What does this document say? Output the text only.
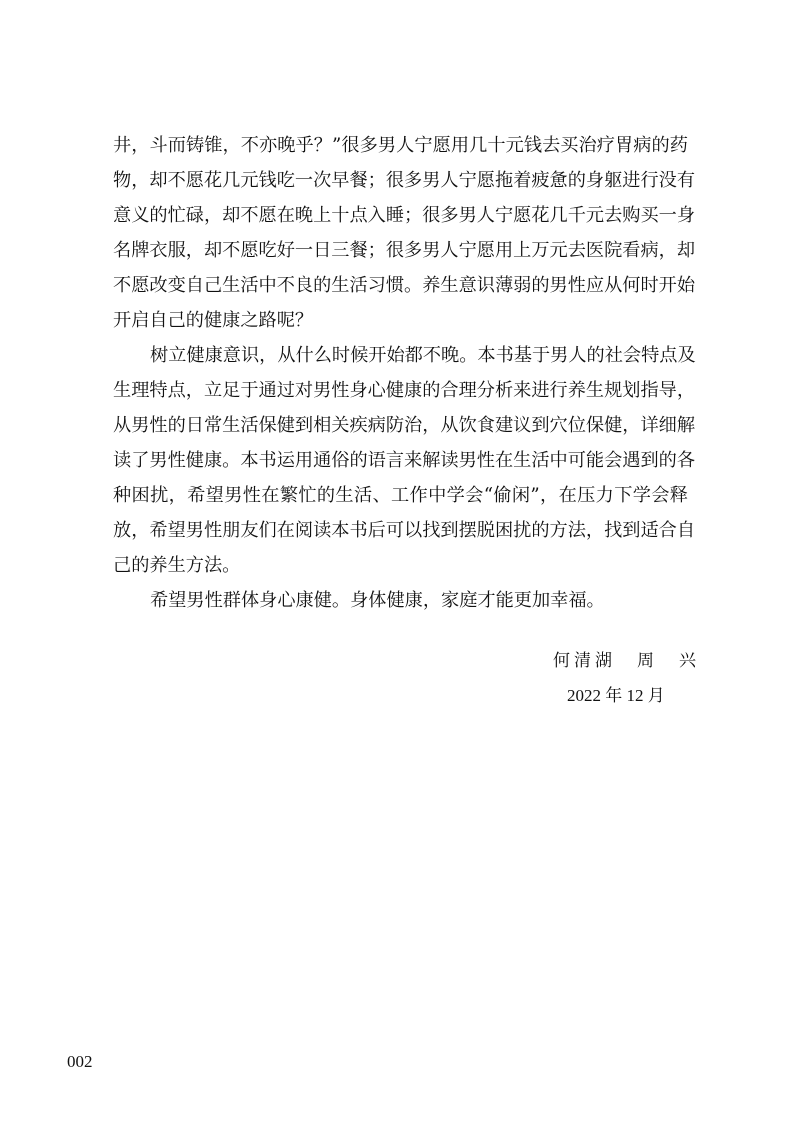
井，斗而铸锥，不亦晚乎？”很多男人宁愿用几十元钱去买治疗胃病的药
物，却不愿花几元钱吃一次早餐；很多男人宁愿拖着疲惫的身躯进行没有
意义的忙碌，却不愿在晚上十点入睡；很多男人宁愿花几千元去购买一身
名牌衣服，却不愿吃好一日三餐；很多男人宁愿用上万元去医院看病，却
不愿改变自己生活中不良的生活习惯。养生意识薄弱的男性应从何时开始
开启自己的健康之路呢？
树立健康意识，从什么时候开始都不晚。本书基于男人的社会特点及
生理特点，立足于通过对男性身心健康的合理分析来进行养生规划指导，
从男性的日常生活保健到相关疾病防治，从饮食建议到穴位保健，详细解
读了男性健康。本书运用通俗的语言来解读男性在生活中可能会遇到的各
种困扰，希望男性在繁忙的生活、工作中学会“偷闲”，在压力下学会释
放，希望男性朋友们在阅读本书后可以找到摆脱困扰的方法，找到适合自
己的养生方法。
希望男性群体身心康健。身体健康，家庭才能更加幸福。
何清湖　周　兴
2022 年 12 月
002
